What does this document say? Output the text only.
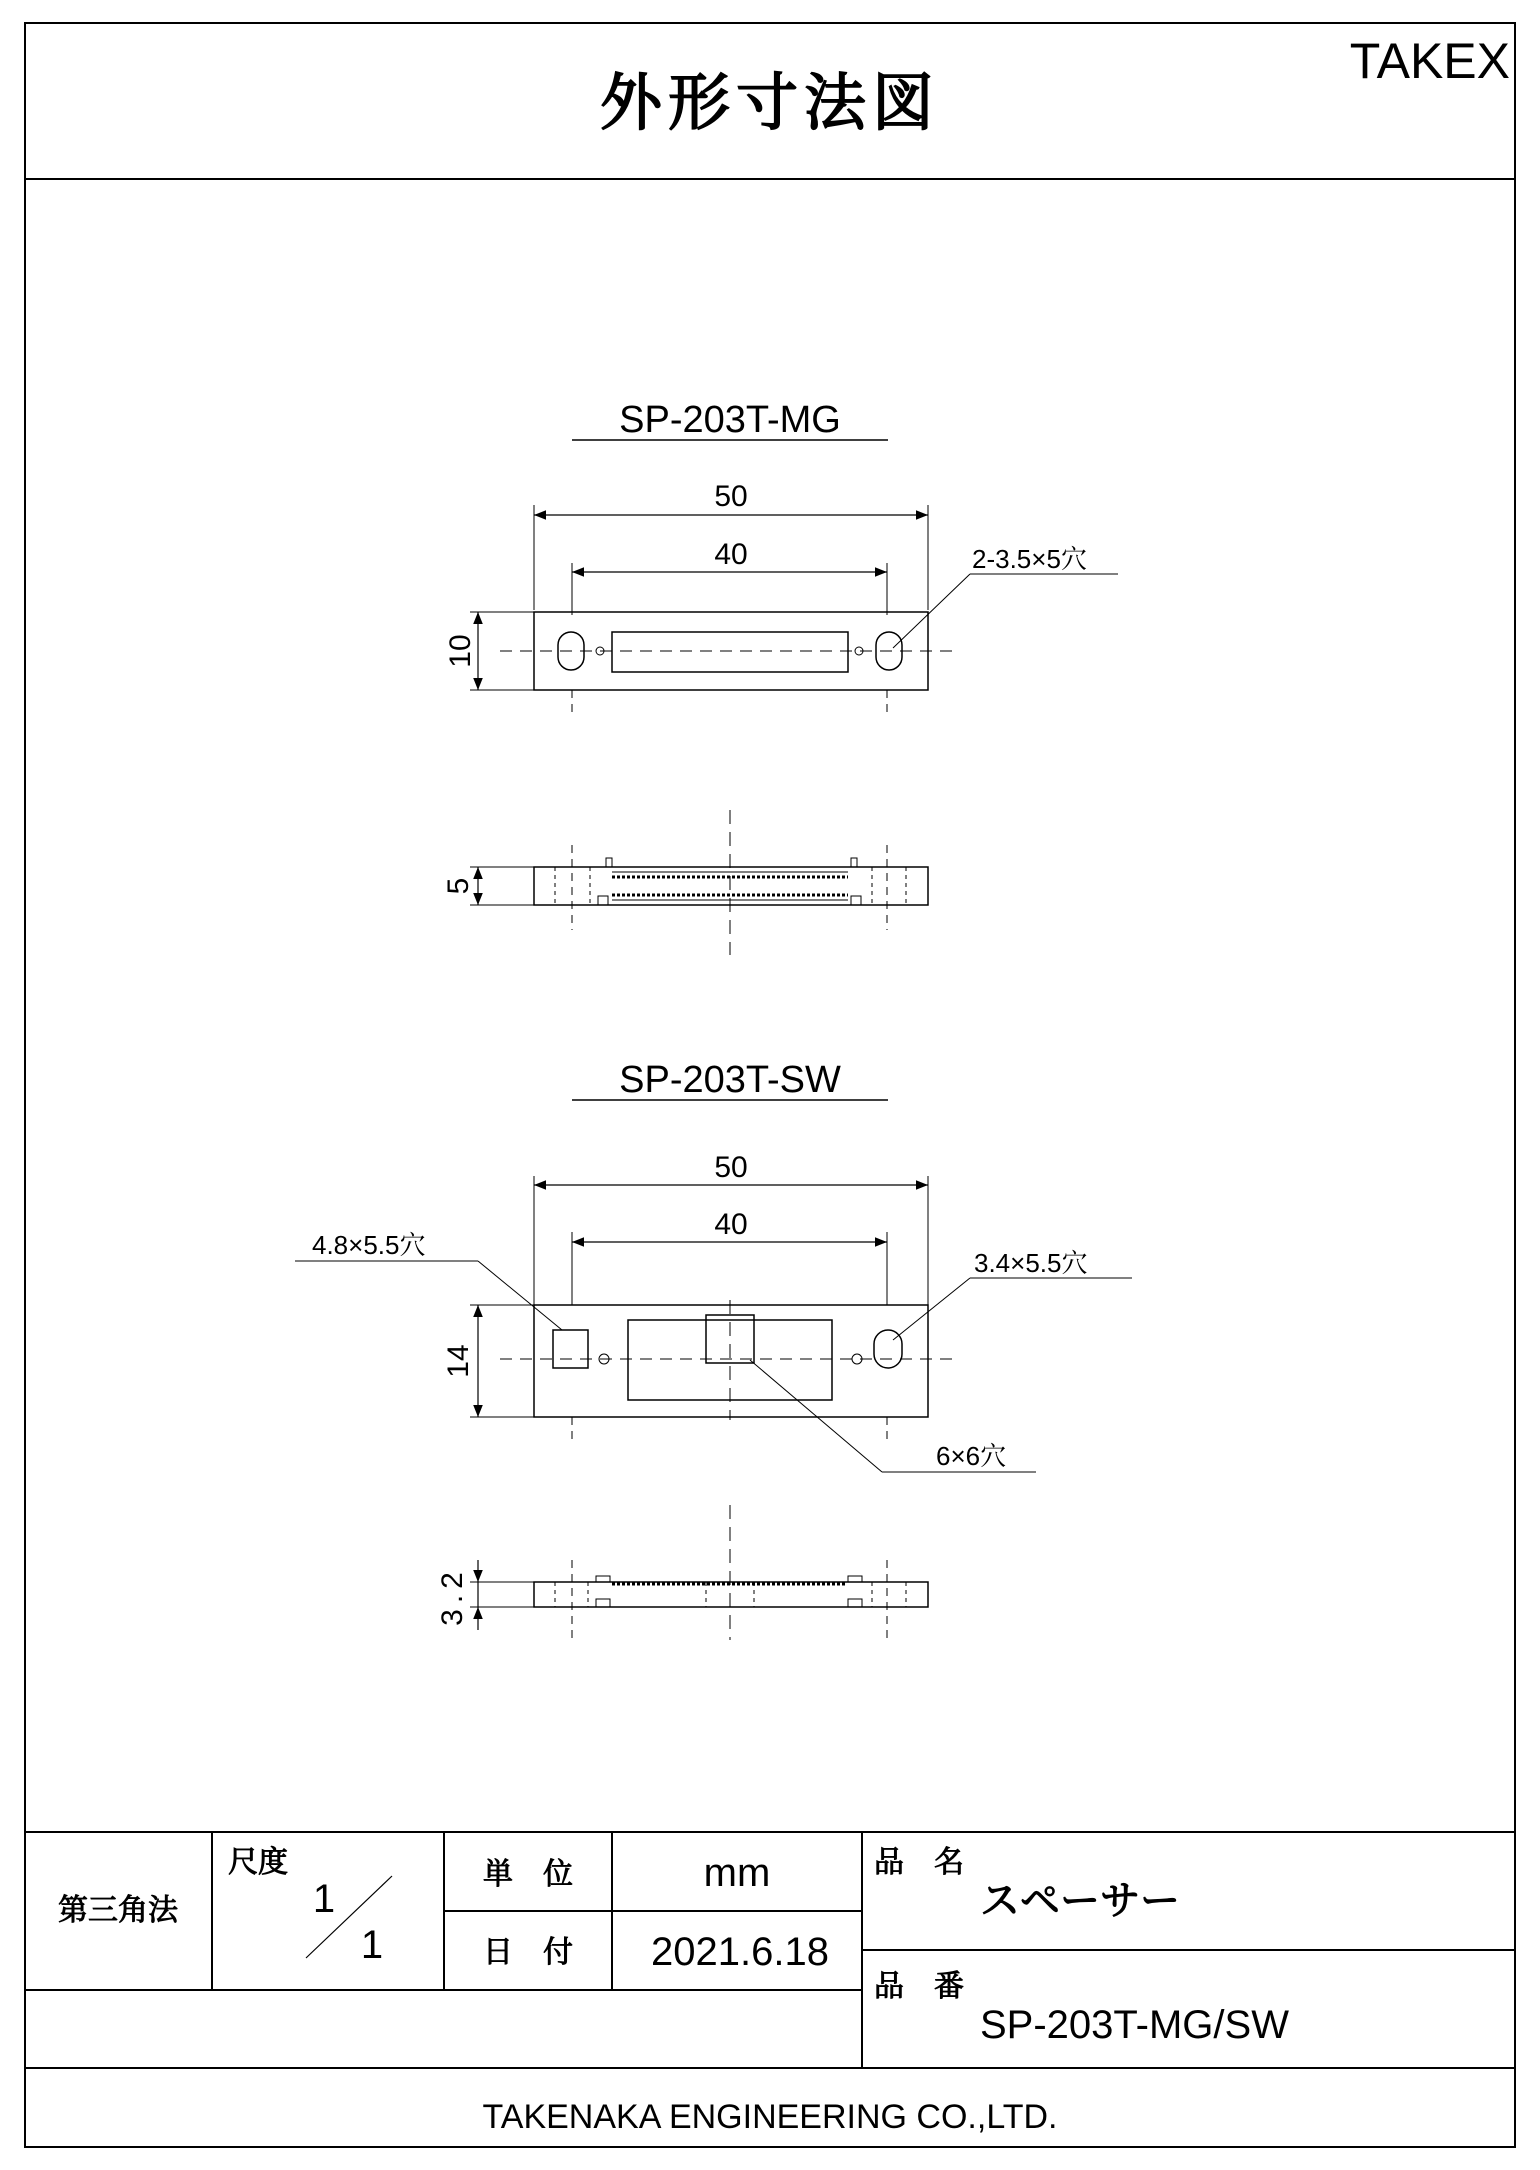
外形寸法図
TAKEX
SP-203T-MG
50
40	2-3.5×5穴
10
5
SP-203T-SW
50
40
4.8×5.5穴
3.4×5.5穴
6×6穴
14
3.2
第三角法
尺度
1
1
単　位	mm
日　付 2021.6.18
品　名
スペーサー
品　番
SP-203T-MG/SW
TAKENAKA ENGINEERING CO.,LTD.
